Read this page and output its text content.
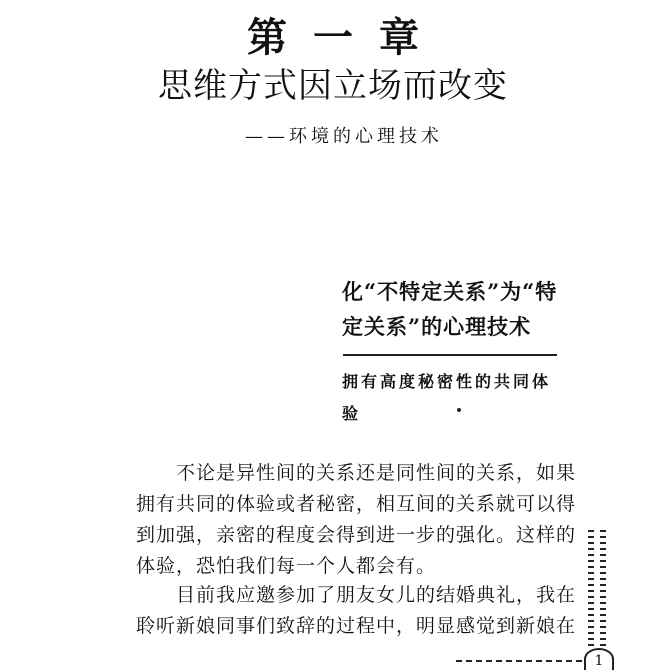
第一章
思维方式因立场而改变
——环境的心理技术
化“不特定关系”为“特定关系”的心理技术
拥有高度秘密性的共同体验
不论是异性间的关系还是同性间的关系，如果拥有共同的体验或者秘密，相互间的关系就可以得到加强，亲密的程度会得到进一步的强化。这样的体验，恐怕我们每一个人都会有。
目前我应邀参加了朋友女儿的结婚典礼，我在聆听新娘同事们致辞的过程中，明显感觉到新娘在
1
